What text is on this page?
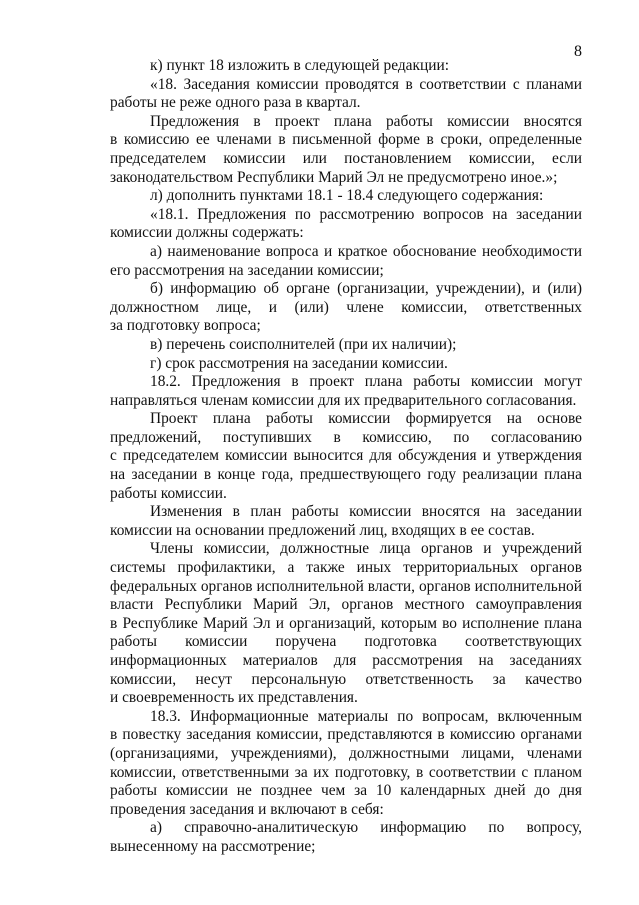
8
к) пункт 18 изложить в следующей редакции:
«18. Заседания комиссии проводятся в соответствии с планами
работы не реже одного раза в квартал.
Предложения в проект плана работы комиссии вносятся
в комиссию ее членами в письменной форме в сроки, определенные
председателем комиссии или постановлением комиссии, если
законодательством Республики Марий Эл не предусмотрено иное.»;
л) дополнить пунктами 18.1 - 18.4 следующего содержания:
«18.1. Предложения по рассмотрению вопросов на заседании
комиссии должны содержать:
а) наименование вопроса и краткое обоснование необходимости
его рассмотрения на заседании комиссии;
б) информацию об органе (организации, учреждении), и (или)
должностном лице, и (или) члене комиссии, ответственных
за подготовку вопроса;
в) перечень соисполнителей (при их наличии);
г) срок рассмотрения на заседании комиссии.
18.2. Предложения в проект плана работы комиссии могут
направляться членам комиссии для их предварительного согласования.
Проект плана работы комиссии формируется на основе
предложений, поступивших в комиссию, по согласованию
с председателем комиссии выносится для обсуждения и утверждения
на заседании в конце года, предшествующего году реализации плана
работы комиссии.
Изменения в план работы комиссии вносятся на заседании
комиссии на основании предложений лиц, входящих в ее состав.
Члены комиссии, должностные лица органов и учреждений
системы профилактики, а также иных территориальных органов
федеральных органов исполнительной власти, органов исполнительной
власти Республики Марий Эл, органов местного самоуправления
в Республике Марий Эл и организаций, которым во исполнение плана
работы комиссии поручена подготовка соответствующих
информационных материалов для рассмотрения на заседаниях
комиссии, несут персональную ответственность за качество
и своевременность их представления.
18.3. Информационные материалы по вопросам, включенным
в повестку заседания комиссии, представляются в комиссию органами
(организациями, учреждениями), должностными лицами, членами
комиссии, ответственными за их подготовку, в соответствии с планом
работы комиссии не позднее чем за 10 календарных дней до дня
проведения заседания и включают в себя:
а) справочно-аналитическую информацию по вопросу,
вынесенному на рассмотрение;
